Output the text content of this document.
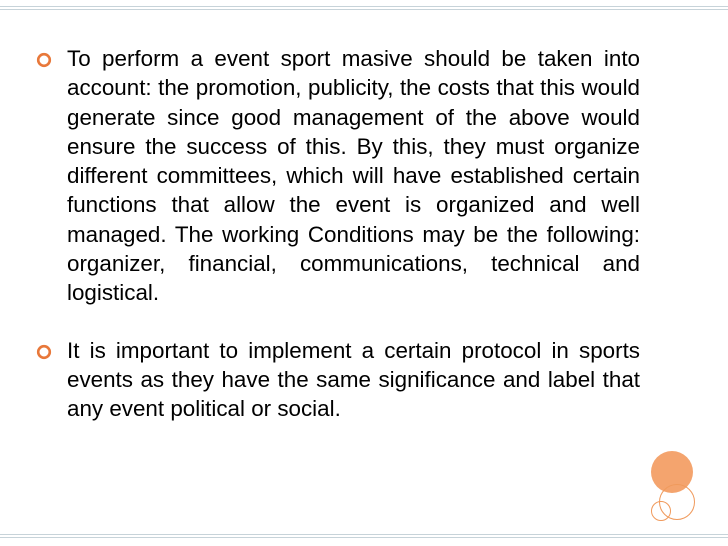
To perform a event sport masive should be taken into account: the promotion, publicity, the costs that this would generate since good management of the above would ensure the success of this. By this, they must organize different committees, which will have established certain functions that allow the event is organized and well managed. The working Conditions may be the following: organizer, financial, communications, technical and logistical.
It is important to implement a certain protocol in sports events as they have the same significance and label that any event political or social.
